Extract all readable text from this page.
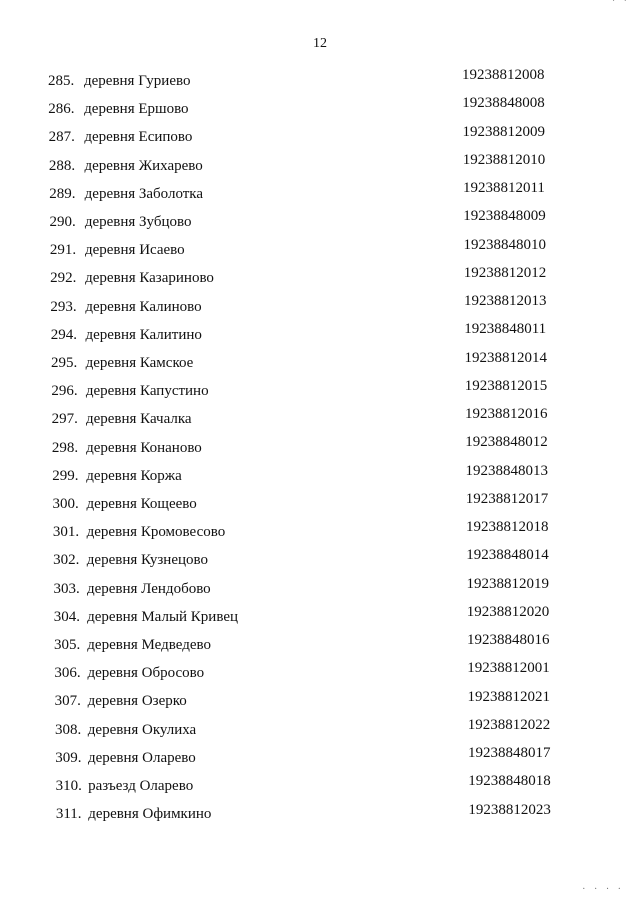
· ·
12
285. деревня Гуриево	19238812008
286. деревня Ершово	19238848008
287. деревня Есипово	19238812009
288. деревня Жихарево	19238812010
289. деревня Заболотка	19238812011
290. деревня Зубцово	19238848009
291. деревня Исаево	19238848010
292. деревня Казариново	19238812012
293. деревня Калиново	19238812013
294. деревня Калитино	19238848011
295. деревня Камское	19238812014
296. деревня Капустино	19238812015
297. деревня Качалка	19238812016
298. деревня Конаново	19238848012
299. деревня Коржа	19238848013
300. деревня Кощеево	19238812017
301. деревня Кромовесово	19238812018
302. деревня Кузнецово	19238848014
303. деревня Лендобово	19238812019
304. деревня Малый Кривец	19238812020
305. деревня Медведево	19238848016
306. деревня Обросово	19238812001
307. деревня Озерко	19238812021
308. деревня Окулиха	19238812022
309. деревня Оларево	19238848017
310. разъезд Оларево	19238848018
311. деревня Офимкино	19238812023
· · · ·
